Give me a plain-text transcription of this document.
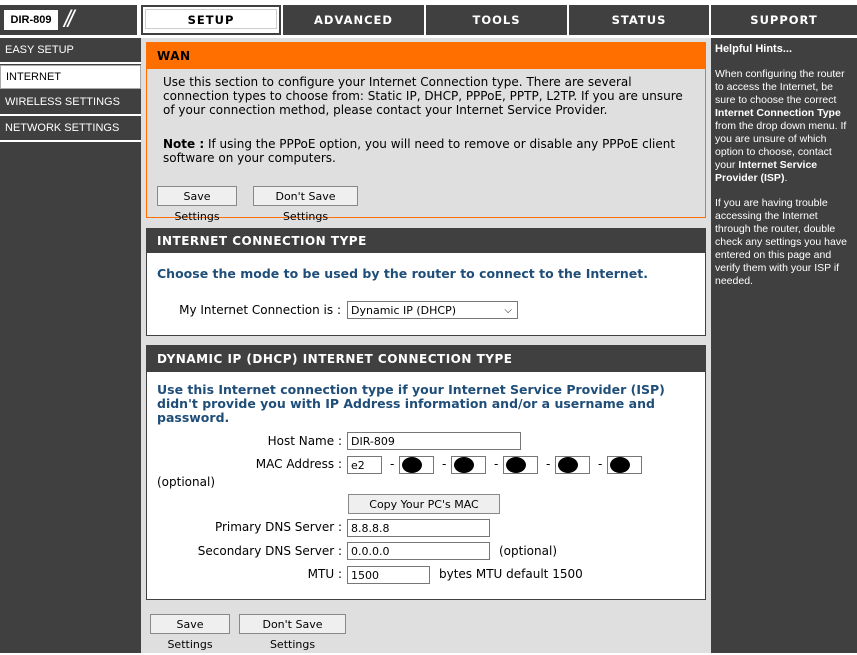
DIR-809 //	SETUP	ADVANCED	TOOLS	STATUS	SUPPORT
EASY SETUP
INTERNET
WIRELESS SETTINGS
NETWORK SETTINGS
WAN
Use this section to configure your Internet Connection type. There are several connection types to choose from: Static IP, DHCP, PPPoE, PPTP, L2TP. If you are unsure of your connection method, please contact your Internet Service Provider.
Note : If using the PPPoE option, you will need to remove or disable any PPPoE client software on your computers.
Save Settings
Don't Save Settings
INTERNET CONNECTION TYPE
Choose the mode to be used by the router to connect to the Internet.
My Internet Connection is : Dynamic IP (DHCP)	⌵
DYNAMIC IP (DHCP) INTERNET CONNECTION TYPE
Use this Internet connection type if your Internet Service Provider (ISP) didn't provide you with IP Address information and/or a username and password.
Host Name : DIR-809
MAC Address : e2	-	-	-	-	-
(optional)
Copy Your PC's MAC
Primary DNS Server : 8.8.8.8
Secondary DNS Server : 0.0.0.0	(optional)
MTU : 1500	bytes MTU default 1500
Save Settings
Don't Save Settings
Helpful Hints...
When configuring the router to access the Internet, be sure to choose the correct Internet Connection Type from the drop down menu. If you are unsure of which option to choose, contact your Internet Service Provider (ISP).
If you are having trouble accessing the Internet through the router, double check any settings you have entered on this page and verify them with your ISP if needed.
